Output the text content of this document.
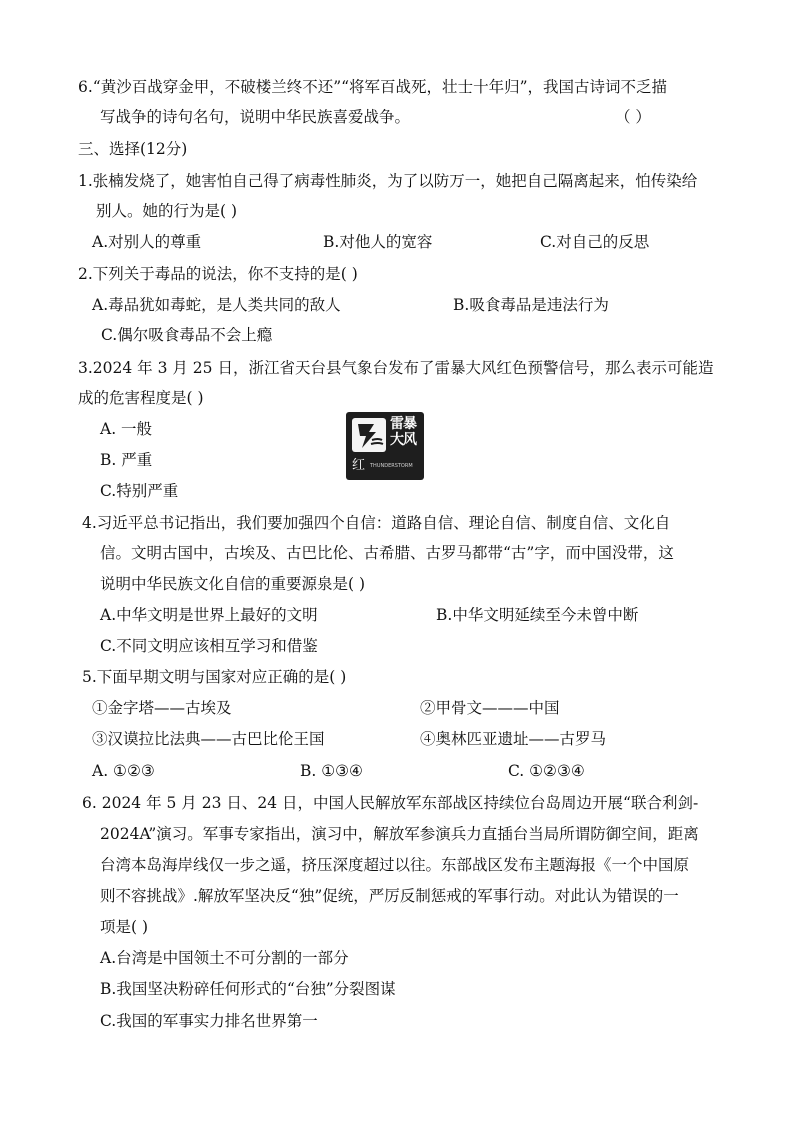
6.“黄沙百战穿金甲，不破楼兰终不还”“将军百战死，壮士十年归”，我国古诗词不乏描
写战争的诗句名句，说明中华民族喜爱战争。	（ ）
三、选择(12分)
1.张楠发烧了，她害怕自己得了病毒性肺炎，为了以防万一，她把自己隔离起来，怕传染给
别人。她的行为是( )
A.对别人的尊重	B.对他人的宽容	C.对自己的反思
2.下列关于毒品的说法，你不支持的是( )
A.毒品犹如毒蛇，是人类共同的敌人	B.吸食毒品是违法行为
C.偶尔吸食毒品不会上瘾
3.2024 年 3 月 25 日，浙江省天台县气象台发布了雷暴大风红色预警信号，那么表示可能造
成的危害程度是( )
A. 一般
B. 严重
C.特别严重
雷暴大风
红 THUNDERSTORM
4.习近平总书记指出，我们要加强四个自信：道路自信、理论自信、制度自信、文化自
信。文明古国中，古埃及、古巴比伦、古希腊、古罗马都带“古”字，而中国没带，这
说明中华民族文化自信的重要源泉是( )
A.中华文明是世界上最好的文明	B.中华文明延续至今未曾中断
C.不同文明应该相互学习和借鉴
5.下面早期文明与国家对应正确的是( )
①金字塔——古埃及	②甲骨文———中国
③汉谟拉比法典——古巴比伦王国	④奥林匹亚遗址——古罗马
A. ①②③	B. ①③④	C. ①②③④
6. 2024 年 5 月 23 日、24 日，中国人民解放军东部战区持续位台岛周边开展“联合利剑-
2024A”演习。军事专家指出，演习中，解放军参演兵力直插台当局所谓防御空间，距离
台湾本岛海岸线仅一步之遥，挤压深度超过以往。东部战区发布主题海报《一个中国原
则不容挑战》.解放军坚决反“独”促统，严厉反制惩戒的军事行动。对此认为错误的一
项是( )
A.台湾是中国领土不可分割的一部分
B.我国坚决粉碎任何形式的“台独”分裂图谋
C.我国的军事实力排名世界第一
